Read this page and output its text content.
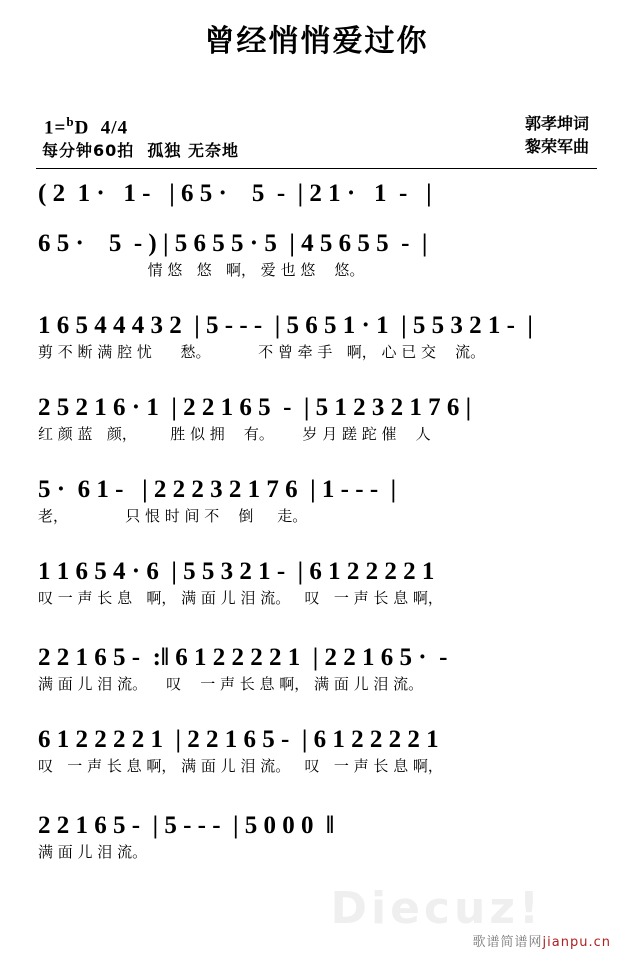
曾经悄悄爱过你
1=$^b$D 4/4
每分钟60拍 孤独 无奈地
郭孝坤词
黎荣军曲
( 2  1 ·   1 -   | 6 5 ·    5  -  | 2 1 ·   1  -   |
6 5 ·    5  - ) | 5 6 5 5 · 5  | 4 5 6 5 5  -  |
情 悠   悠   啊， 爱 也 悠    悠。
1 6 5 4 4 4 3 2  | 5 - - -  | 5 6 5 1 · 1  | 5 5 3 2 1 -  |
剪 不 断 满 腔 忧      愁。          不 曾 牵 手   啊， 心 已 交    流。
2 5 2 1 6 · 1  | 2 2 1 6 5  -  | 5 1 2 3 2 1 7 6 |
红 颜 蓝   颜，       胜 似 拥    有。      岁 月 蹉 跎 催    人
5 ·  6 1 -   | 2 2 2 3 2 1 7 6  | 1 - - -  |
老，            只 恨 时 间 不    倒     走。
1 1 6 5 4 · 6  | 5 5 3 2 1 -  | 6 1 2 2 2 2 1
叹 一 声 长 息   啊， 满 面 儿 泪 流。   叹   一 声 长 息 啊，
2 2 1 6 5 -  :‖ 6 1 2 2 2 2 1  | 2 2 1 6 5 ·  -
满 面 儿 泪 流。    叹    一 声 长 息 啊， 满 面 儿 泪 流。
6 1 2 2 2 2 1  | 2 2 1 6 5 -  | 6 1 2 2 2 2 1
叹   一 声 长 息 啊， 满 面 儿 泪 流。   叹   一 声 长 息 啊，
2 2 1 6 5 -  | 5 - - -  | 5 0 0 0  ‖
满 面 儿 泪 流。
Diecuz!
歌谱简谱网jianpu.cn
